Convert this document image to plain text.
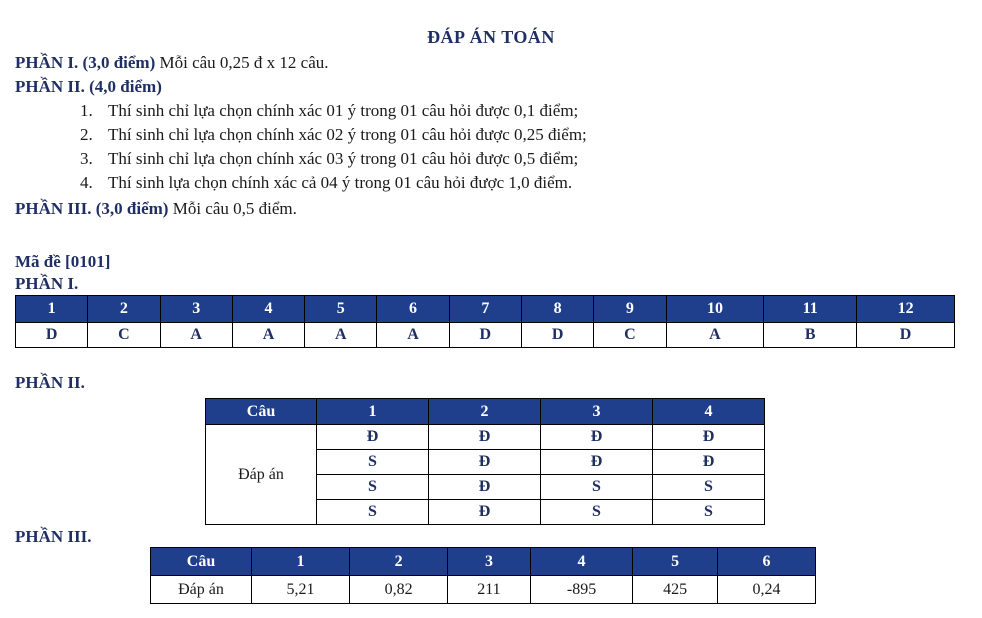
ĐÁP ÁN TOÁN
PHẦN I. (3,0 điểm) Mỗi câu 0,25 đ x 12 câu.
PHẦN II. (4,0 điểm)
1. Thí sinh chỉ lựa chọn chính xác 01 ý trong 01 câu hỏi được 0,1 điểm;
2. Thí sinh chỉ lựa chọn chính xác 02 ý trong 01 câu hỏi được 0,25 điểm;
3. Thí sinh chỉ lựa chọn chính xác 03 ý trong 01 câu hỏi được 0,5 điểm;
4. Thí sinh lựa chọn chính xác cả 04 ý trong 01 câu hỏi được 1,0 điểm.
PHẦN III. (3,0 điểm) Mỗi câu 0,5 điểm.
Mã đề [0101]
PHẦN I.
1	2	3	4	5	6	7	8	9	10	11	12
D	C	A	A	A	A	D	D	C	A	B	D
PHẦN II.
Câu	1	2	3	4
Đáp án	Đ	Đ	Đ	Đ
	S	Đ	Đ	Đ
	S	Đ	S	S
	S	Đ	S	S
PHẦN III.
Câu	1	2	3	4	5	6
Đáp án	5,21	0,82	211	-895	425	0,24
